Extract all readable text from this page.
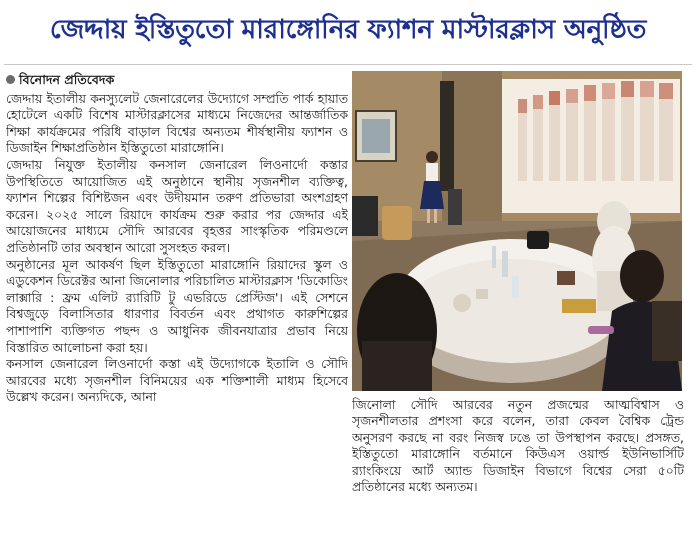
জেদ্দায় ইস্তিতুতো মারাঙ্গোনির ফ্যাশন মাস্টারক্লাস অনুষ্ঠিত
বিনোদন প্রতিবেদক

জেদ্দায় ইতালীয় কনস্যুলেট জেনারেলের উদ্যোগে সম্প্রতি পার্ক হায়াত হোটেলে একটি বিশেষ মাস্টারক্লাসের মাধ্যমে নিজেদের আন্তর্জাতিক শিক্ষা কার্যক্রমের পরিধি বাড়াল বিশ্বের অন্যতম শীর্ষস্থানীয় ফ্যাশন ও ডিজাইন শিক্ষাপ্রতিষ্ঠান ইস্তিতুতো মারাঙ্গোনি।

জেদ্দায় নিযুক্ত ইতালীয় কনসাল জেনারেল লিওনার্দো কস্তার উপস্থিতিতে আয়োজিত এই অনুষ্ঠানে স্থানীয় সৃজনশীল ব্যক্তিত্ব, ফ্যাশন শিল্পের বিশিষ্টজন এবং উদীয়মান তরুণ প্রতিভারা অংশগ্রহণ করেন। ২০২৫ সালে রিয়াদে কার্যক্রম শুরু করার পর জেদ্দার এই আয়োজনের মাধ্যমে সৌদি আরবের বৃহত্তর সাংস্কৃতিক পরিমণ্ডলে প্রতিষ্ঠানটি তার অবস্থান আরো সুসংহত করল।

অনুষ্ঠানের মূল আকর্ষণ ছিল ইস্তিতুতো মারাঙ্গোনি রিয়াদের স্কুল ও এডুকেশন ডিরেক্টর আনা জিনোলার পরিচালিত মাস্টারক্লাস 'ডিকোডিং লাক্সারি : ফ্রম এলিট র‍্যারিটি টু এভরিডে প্রেস্টিজ'। এই সেশনে বিশ্বজুড়ে বিলাসিতার ধারণার বিবর্তন এবং প্রথাগত কারুশিল্পের পাশাপাশি ব্যক্তিগত পছন্দ ও আধুনিক জীবনযাত্রার প্রভাব নিয়ে বিস্তারিত আলোচনা করা হয়।

কনসাল জেনারেল লিওনার্দো কস্তা এই উদ্যোগকে ইতালি ও সৌদি আরবের মধ্যে সৃজনশীল বিনিময়ের এক শক্তিশালী মাধ্যম হিসেবে উল্লেখ করেন। অন্যদিকে, আনা

জিনোলা সৌদি আরবের নতুন প্রজন্মের আত্মবিশ্বাস ও সৃজনশীলতার প্রশংসা করে বলেন, তারা কেবল বৈশ্বিক ট্রেন্ড অনুসরণ করছে না বরং নিজস্ব ঢঙে তা উপস্থাপন করছে। প্রসঙ্গত, ইস্তিতুতো মারাঙ্গোনি বর্তমানে কিউএস ওয়ার্ল্ড ইউনিভার্সিটি র‍্যাংকিংয়ে আর্ট অ্যান্ড ডিজাইন বিভাগে বিশ্বের সেরা ৫০টি প্রতিষ্ঠানের মধ্যে অন্যতম।
